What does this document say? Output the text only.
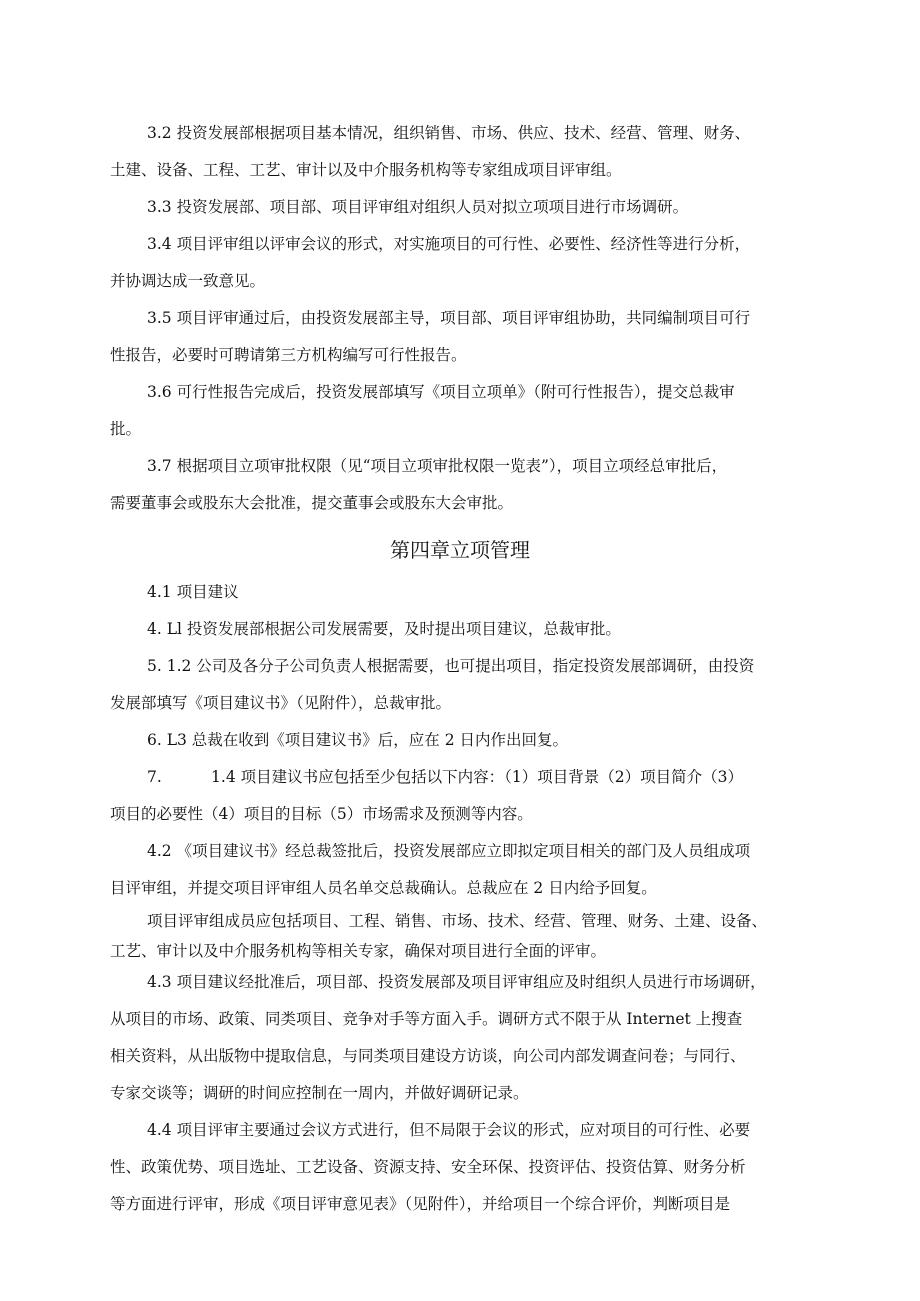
3.2 投资发展部根据项目基本情况，组织销售、市场、供应、技术、经营、管理、财务、
土建、设备、工程、工艺、审计以及中介服务机构等专家组成项目评审组。
3.3 投资发展部、项目部、项目评审组对组织人员对拟立项项目进行市场调研。
3.4 项目评审组以评审会议的形式，对实施项目的可行性、必要性、经济性等进行分析，
并协调达成一致意见。
3.5 项目评审通过后，由投资发展部主导，项目部、项目评审组协助，共同编制项目可行
性报告，必要时可聘请第三方机构编写可行性报告。
3.6 可行性报告完成后，投资发展部填写《项目立项单》（附可行性报告），提交总裁审
批。
3.7 根据项目立项审批权限（见“项目立项审批权限一览表”），项目立项经总审批后，
需要董事会或股东大会批准，提交董事会或股东大会审批。
第四章立项管理
4.1 项目建议
4. Ll 投资发展部根据公司发展需要，及时提出项目建议，总裁审批。
5. 1.2 公司及各分子公司负责人根据需要，也可提出项目，指定投资发展部调研，由投资
发展部填写《项目建议书》（见附件），总裁审批。
6. L3 总裁在收到《项目建议书》后，应在 2 日内作出回复。
7.          1.4 项目建议书应包括至少包括以下内容：（1）项目背景（2）项目简介（3）
项目的必要性（4）项目的目标（5）市场需求及预测等内容。
4.2 《项目建议书》经总裁签批后，投资发展部应立即拟定项目相关的部门及人员组成项
目评审组，并提交项目评审组人员名单交总裁确认。总裁应在 2 日内给予回复。
项目评审组成员应包括项目、工程、销售、市场、技术、经营、管理、财务、土建、设备、
工艺、审计以及中介服务机构等相关专家，确保对项目进行全面的评审。
4.3 项目建议经批准后，项目部、投资发展部及项目评审组应及时组织人员进行市场调研，
从项目的市场、政策、同类项目、竞争对手等方面入手。调研方式不限于从 Internet 上搜查
相关资料，从出版物中提取信息，与同类项目建设方访谈，向公司内部发调查问卷；与同行、
专家交谈等；调研的时间应控制在一周内，并做好调研记录。
4.4 项目评审主要通过会议方式进行，但不局限于会议的形式，应对项目的可行性、必要
性、政策优势、项目选址、工艺设备、资源支持、安全环保、投资评估、投资估算、财务分析
等方面进行评审，形成《项目评审意见表》（见附件），并给项目一个综合评价，判断项目是
